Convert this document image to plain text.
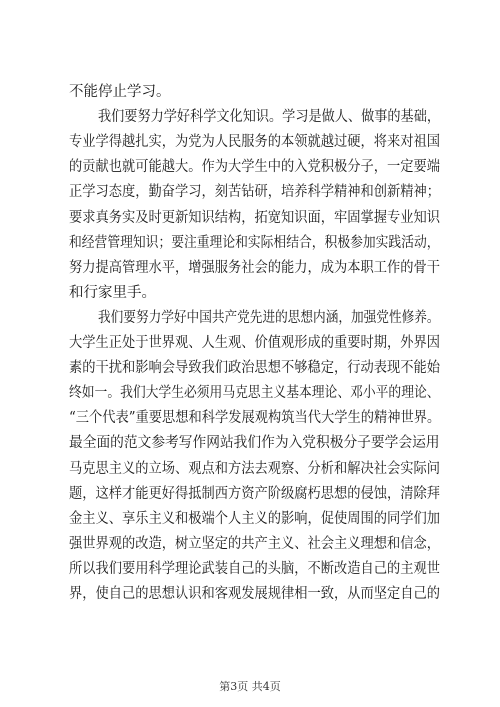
不能停止学习。
我们要努力学好科学文化知识。学习是做人、做事的基础，
专业学得越扎实，为党为人民服务的本领就越过硬，将来对祖国
的贡献也就可能越大。作为大学生中的入党积极分子，一定要端
正学习态度，勤奋学习，刻苦钻研，培养科学精神和创新精神；
要求真务实及时更新知识结构，拓宽知识面，牢固掌握专业知识
和经营管理知识；要注重理论和实际相结合，积极参加实践活动，
努力提高管理水平，增强服务社会的能力，成为本职工作的骨干
和行家里手。
我们要努力学好中国共产党先进的思想内涵，加强党性修养。
大学生正处于世界观、人生观、价值观形成的重要时期，外界因
素的干扰和影响会导致我们政治思想不够稳定，行动表现不能始
终如一。我们大学生必须用马克思主义基本理论、邓小平的理论、
“三个代表”重要思想和科学发展观构筑当代大学生的精神世界。
最全面的范文参考写作网站我们作为入党积极分子要学会运用
马克思主义的立场、观点和方法去观察、分析和解决社会实际问
题，这样才能更好得抵制西方资产阶级腐朽思想的侵蚀，清除拜
金主义、享乐主义和极端个人主义的影响，促使周围的同学们加
强世界观的改造，树立坚定的共产主义、社会主义理想和信念，
所以我们要用科学理论武装自己的头脑，不断改造自己的主观世
界，使自己的思想认识和客观发展规律相一致，从而坚定自己的
第3页 共4页
